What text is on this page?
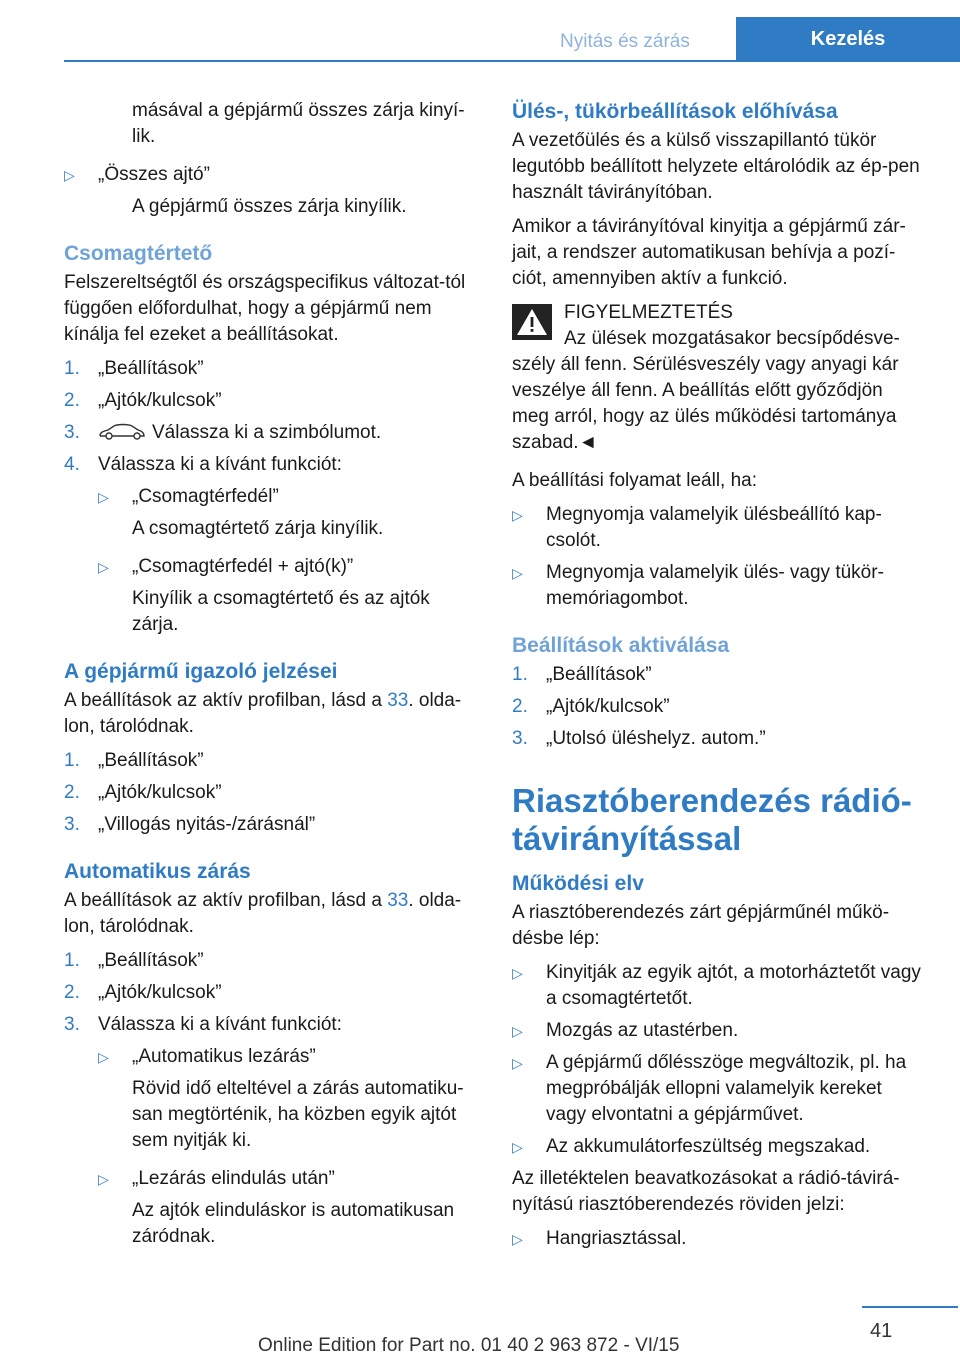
Nyitás és zárás	Kezelés

másával a gépjármű összes zárja kinyí-lik.

▷ „Összes ajtó”

A gépjármű összes zárja kinyílik.

Csomagtértető

Felszereltségtől és országspecifikus változat-tól függően előfordulhat, hogy a gépjármű nem kínálja fel ezeket a beállításokat.

1. „Beállítások”
2. „Ajtók/kulcsok”
3.	Válassza ki a szimbólumot.
4. Válassza ki a kívánt funkciót:
▷ „Csomagtérfedél”

A csomagtértető zárja kinyílik.

▷ „Csomagtérfedél + ajtó(k)”

Kinyílik a csomagtértető és az ajtók zárja.

A gépjármű igazoló jelzései

A beállítások az aktív profilban, lásd a 33. olda-lon, tárolódnak.

1. „Beállítások”
2. „Ajtók/kulcsok”
3. „Villogás nyitás-/zárásnál”
Automatikus zárás

A beállítások az aktív profilban, lásd a 33. olda-lon, tárolódnak.

1. „Beállítások”
2. „Ajtók/kulcsok”
3. Válassza ki a kívánt funkciót:
▷ „Automatikus lezárás”

Rövid idő elteltével a zárás automatiku-san megtörténik, ha közben egyik ajtót sem nyitják ki.

▷ „Lezárás elindulás után”

Az ajtók elinduláskor is automatikusan záródnak.

Ülés-, tükörbeállítások előhívása

A vezetőülés és a külső visszapillantó tükör legutóbb beállított helyzete eltárolódik az ép-pen használt távirányítóban.

Amikor a távirányítóval kinyitja a gépjármű zár-jait, a rendszer automatikusan behívja a pozí-ciót, amennyiben aktív a funkció.

FIGYELMEZTETÉS
Az ülések mozgatásakor becsípődésve-szély áll fenn. Sérülésveszély vagy anyagi kár veszélye áll fenn. A beállítás előtt győződjön meg arról, hogy az ülés működési tartománya szabad.◄

A beállítási folyamat leáll, ha:

▷ Megnyomja valamelyik ülésbeállító kap-csolót.
▷ Megnyomja valamelyik ülés- vagy tükör-memóriagombot.
Beállítások aktiválása
1. „Beállítások”
2. „Ajtók/kulcsok”
3. „Utolsó üléshelyz. autom.”
Riasztóberendezés rádió-távirányítással
Működési elv

A riasztóberendezés zárt gépjárműnél műkö-désbe lép:

▷ Kinyitják az egyik ajtót, a motorháztetőt vagy a csomagtértetőt.
▷ Mozgás az utastérben.
▷ A gépjármű dőlésszöge megváltozik, pl. ha megpróbálják ellopni valamelyik kereket vagy elvontatni a gépjárművet.
▷ Az akkumulátorfeszültség megszakad.

Az illetéktelen beavatkozásokat a rádió-távirá-nyítású riasztóberendezés röviden jelzi:

▷ Hangriasztással.
41
Online Edition for Part no. 01 40 2 963 872 - VI/15
